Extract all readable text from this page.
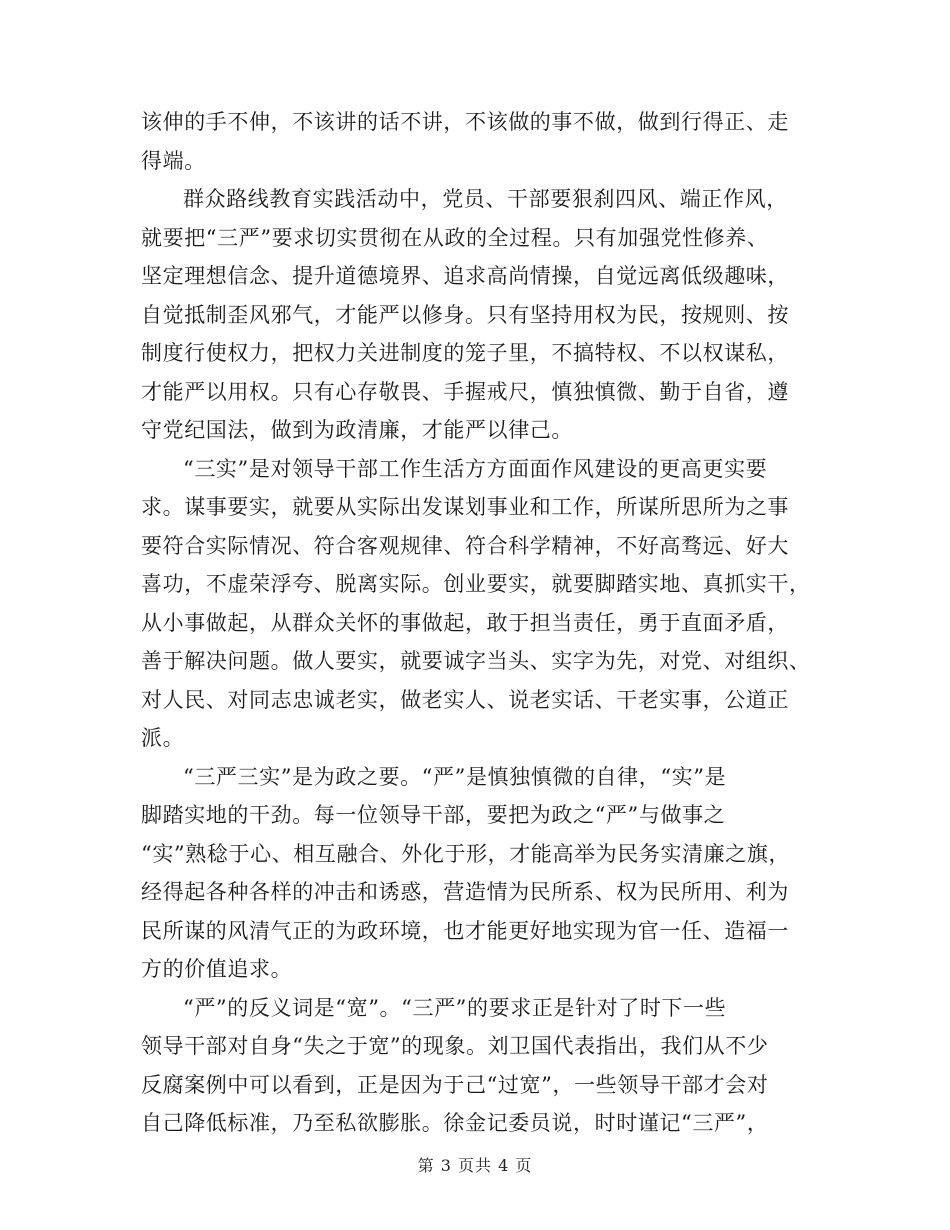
该伸的手不伸，不该讲的话不讲，不该做的事不做，做到行得正、走
得端。
群众路线教育实践活动中，党员、干部要狠刹四风、端正作风，
就要把“三严”要求切实贯彻在从政的全过程。只有加强党性修养、
坚定理想信念、提升道德境界、追求高尚情操，自觉远离低级趣味，
自觉抵制歪风邪气，才能严以修身。只有坚持用权为民，按规则、按
制度行使权力，把权力关进制度的笼子里，不搞特权、不以权谋私，
才能严以用权。只有心存敬畏、手握戒尺，慎独慎微、勤于自省，遵
守党纪国法，做到为政清廉，才能严以律己。
“三实”是对领导干部工作生活方方面面作风建设的更高更实要
求。谋事要实，就要从实际出发谋划事业和工作，所谋所思所为之事
要符合实际情况、符合客观规律、符合科学精神，不好高骛远、好大
喜功，不虚荣浮夸、脱离实际。创业要实，就要脚踏实地、真抓实干，
从小事做起，从群众关怀的事做起，敢于担当责任，勇于直面矛盾，
善于解决问题。做人要实，就要诚字当头、实字为先，对党、对组织、
对人民、对同志忠诚老实，做老实人、说老实话、干老实事，公道正
派。
“三严三实”是为政之要。“严”是慎独慎微的自律，“实”是
脚踏实地的干劲。每一位领导干部，要把为政之“严”与做事之
“实”熟稔于心、相互融合、外化于形，才能高举为民务实清廉之旗，
经得起各种各样的冲击和诱惑，营造情为民所系、权为民所用、利为
民所谋的风清气正的为政环境，也才能更好地实现为官一任、造福一
方的价值追求。
“严”的反义词是“宽”。“三严”的要求正是针对了时下一些
领导干部对自身“失之于宽”的现象。刘卫国代表指出，我们从不少
反腐案例中可以看到，正是因为于己“过宽”，一些领导干部才会对
自己降低标准，乃至私欲膨胀。徐金记委员说，时时谨记“三严”，
第 3 页共 4 页
